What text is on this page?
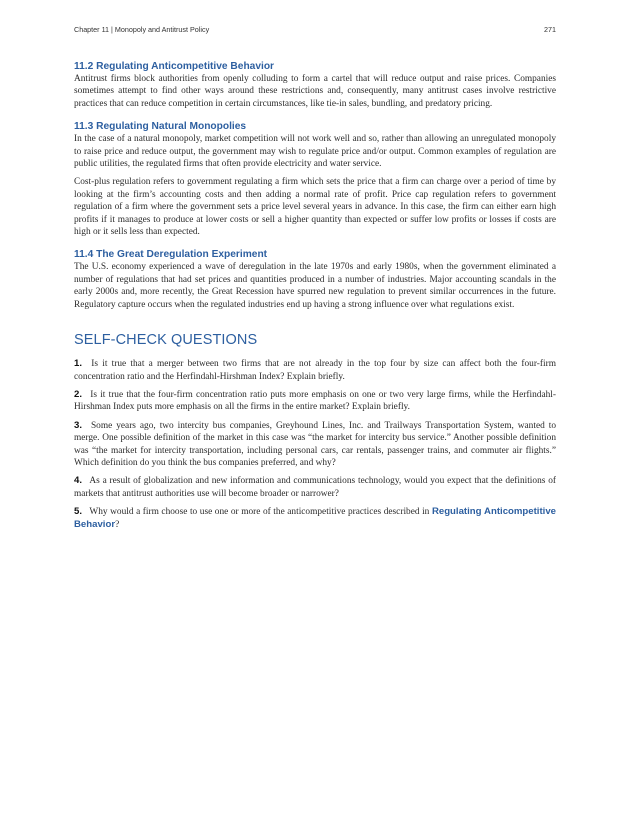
Chapter 11 | Monopoly and Antitrust Policy	271
11.2 Regulating Anticompetitive Behavior

Antitrust firms block authorities from openly colluding to form a cartel that will reduce output and raise prices. Companies sometimes attempt to find other ways around these restrictions and, consequently, many antitrust cases involve restrictive practices that can reduce competition in certain circumstances, like tie-in sales, bundling, and predatory pricing.

11.3 Regulating Natural Monopolies

In the case of a natural monopoly, market competition will not work well and so, rather than allowing an unregulated monopoly to raise price and reduce output, the government may wish to regulate price and/or output. Common examples of regulation are public utilities, the regulated firms that often provide electricity and water service.

Cost-plus regulation refers to government regulating a firm which sets the price that a firm can charge over a period of time by looking at the firm’s accounting costs and then adding a normal rate of profit. Price cap regulation refers to government regulation of a firm where the government sets a price level several years in advance. In this case, the firm can either earn high profits if it manages to produce at lower costs or sell a higher quantity than expected or suffer low profits or losses if costs are high or it sells less than expected.

11.4 The Great Deregulation Experiment

The U.S. economy experienced a wave of deregulation in the late 1970s and early 1980s, when the government eliminated a number of regulations that had set prices and quantities produced in a number of industries. Major accounting scandals in the early 2000s and, more recently, the Great Recession have spurred new regulation to prevent similar occurrences in the future. Regulatory capture occurs when the regulated industries end up having a strong influence over what regulations exist.

SELF-CHECK QUESTIONS

1. Is it true that a merger between two firms that are not already in the top four by size can affect both the four-firm concentration ratio and the Herfindahl-Hirshman Index? Explain briefly.

2. Is it true that the four-firm concentration ratio puts more emphasis on one or two very large firms, while the Herfindahl-Hirshman Index puts more emphasis on all the firms in the entire market? Explain briefly.

3. Some years ago, two intercity bus companies, Greyhound Lines, Inc. and Trailways Transportation System, wanted to merge. One possible definition of the market in this case was “the market for intercity bus service.” Another possible definition was “the market for intercity transportation, including personal cars, car rentals, passenger trains, and commuter air flights.” Which definition do you think the bus companies preferred, and why?

4. As a result of globalization and new information and communications technology, would you expect that the definitions of markets that antitrust authorities use will become broader or narrower?

5. Why would a firm choose to use one or more of the anticompetitive practices described in Regulating Anticompetitive Behavior?
